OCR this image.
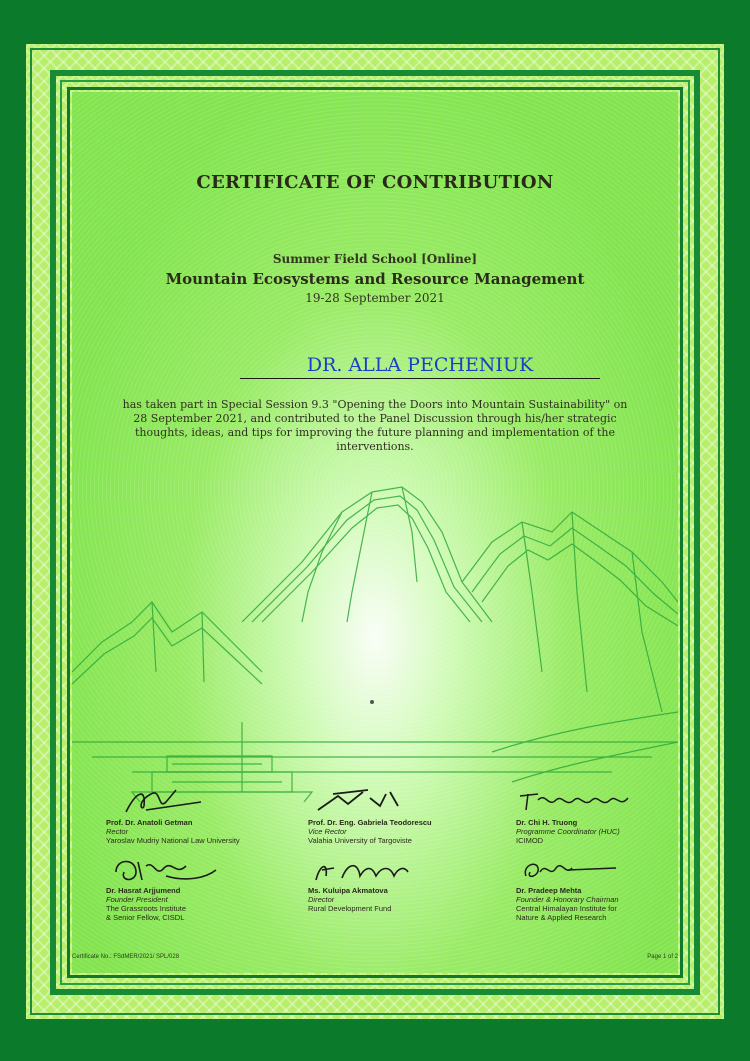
CERTIFICATE OF CONTRIBUTION
Summer Field School [Online]
Mountain Ecosystems and Resource Management
19-28 September 2021
DR. ALLA PECHENIUK
has taken part in Special Session 9.3 "Opening the Doors into Mountain Sustainability" on 28 September 2021, and contributed to the Panel Discussion through his/her strategic thoughts, ideas, and tips for improving the future planning and implementation of the interventions.
Prof. Dr. Anatoli Getman
Rector
Yaroslav Mudriy National Law University
Prof. Dr. Eng. Gabriela Teodorescu
Vice Rector
Valahia University of Targoviste
Dr. Chi H. Truong
Programme Coordinator (HUC)
ICIMOD
Dr. Hasrat Arjjumend
Founder President
The Grassroots Institute
& Senior Fellow, CISDL
Ms. Kuluipa Akmatova
Director
Rural Development Fund
Dr. Pradeep Mehta
Founder & Honorary Chairman
Central Himalayan Institute for
Nature & Applied Research
Certificate No.: FSdMER/2021/ SPL/028	Page 1 of 2
